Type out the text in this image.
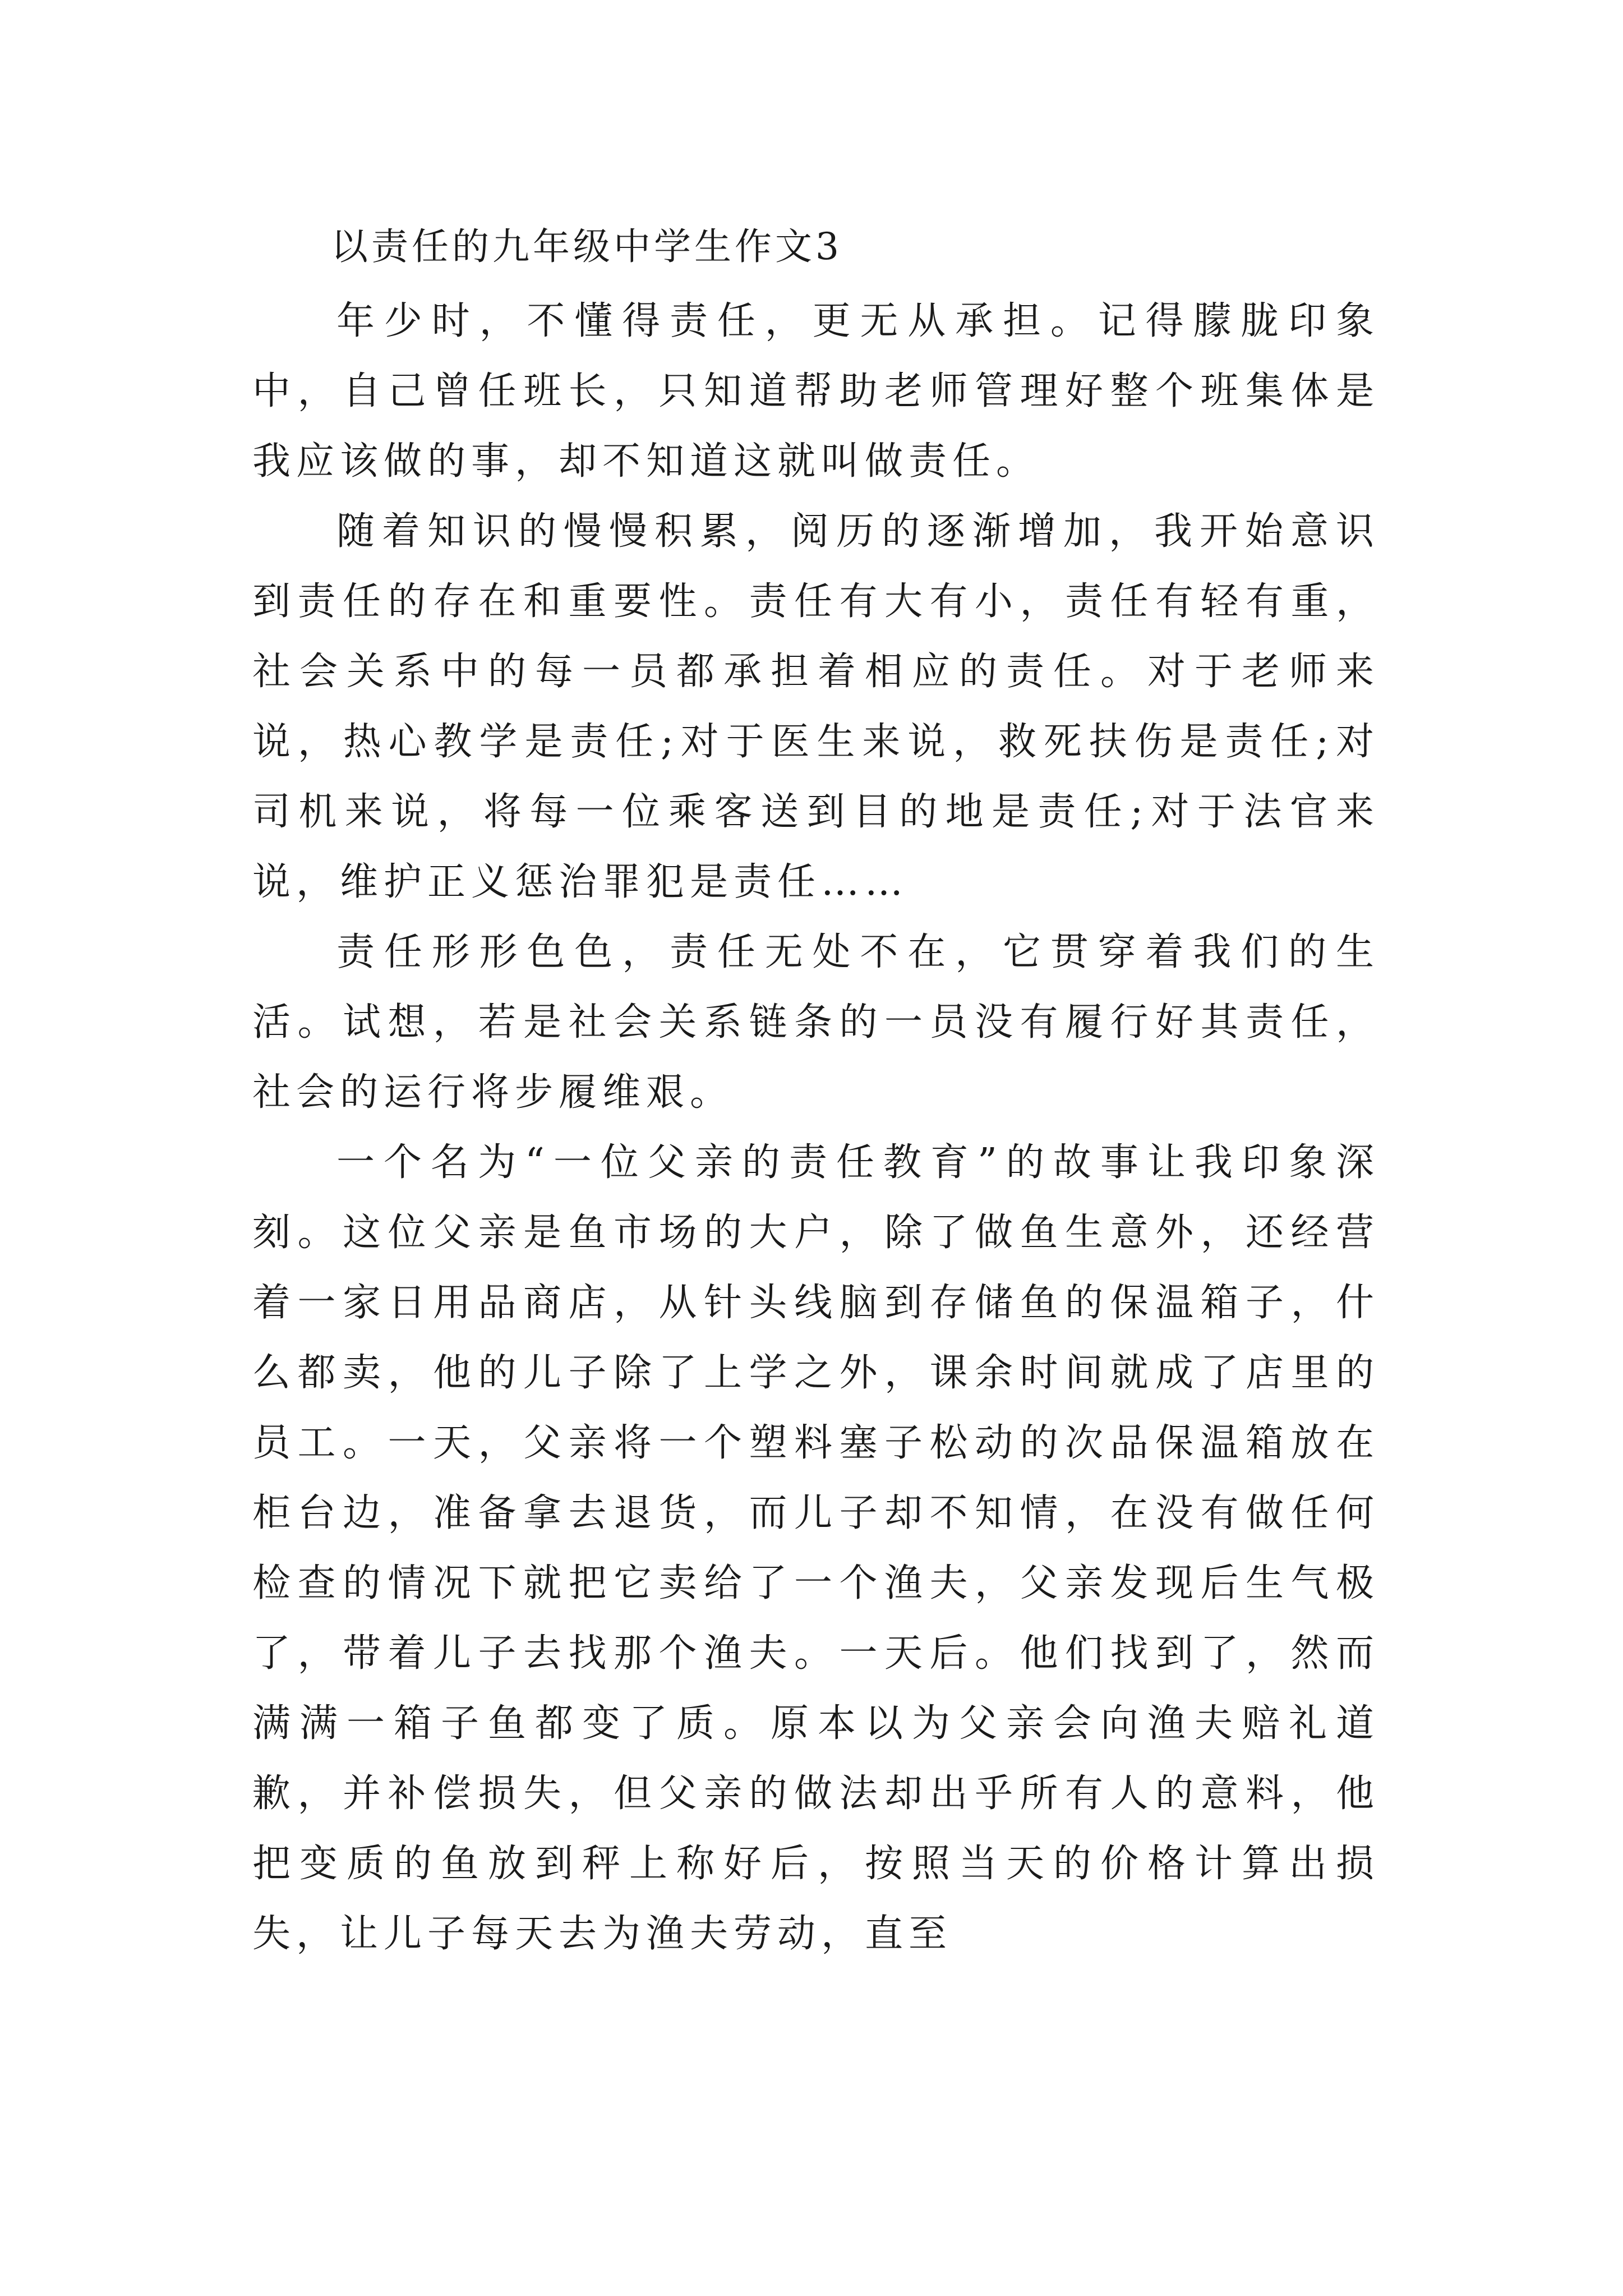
以责任的九年级中学生作文3

年少时，不懂得责任，更无从承担。记得朦胧印象中，自己曾任班长，只知道帮助老师管理好整个班集体是我应该做的事，却不知道这就叫做责任。

随着知识的慢慢积累，阅历的逐渐增加，我开始意识到责任的存在和重要性。责任有大有小，责任有轻有重，社会关系中的每一员都承担着相应的责任。对于老师来说，热心教学是责任;对于医生来说，救死扶伤是责任;对司机来说，将每一位乘客送到目的地是责任;对于法官来说，维护正义惩治罪犯是责任……

责任形形色色，责任无处不在，它贯穿着我们的生活。试想，若是社会关系链条的一员没有履行好其责任，社会的运行将步履维艰。

一个名为“一位父亲的责任教育”的故事让我印象深刻。这位父亲是鱼市场的大户，除了做鱼生意外，还经营着一家日用品商店，从针头线脑到存储鱼的保温箱子，什么都卖，他的儿子除了上学之外，课余时间就成了店里的员工。一天，父亲将一个塑料塞子松动的次品保温箱放在柜台边，准备拿去退货，而儿子却不知情，在没有做任何检查的情况下就把它卖给了一个渔夫，父亲发现后生气极了，带着儿子去找那个渔夫。一天后。他们找到了，然而满满一箱子鱼都变了质。原本以为父亲会向渔夫赔礼道歉，并补偿损失，但父亲的做法却出乎所有人的意料，他把变质的鱼放到秤上称好后，按照当天的价格计算出损失，让儿子每天去为渔夫劳动，直至
